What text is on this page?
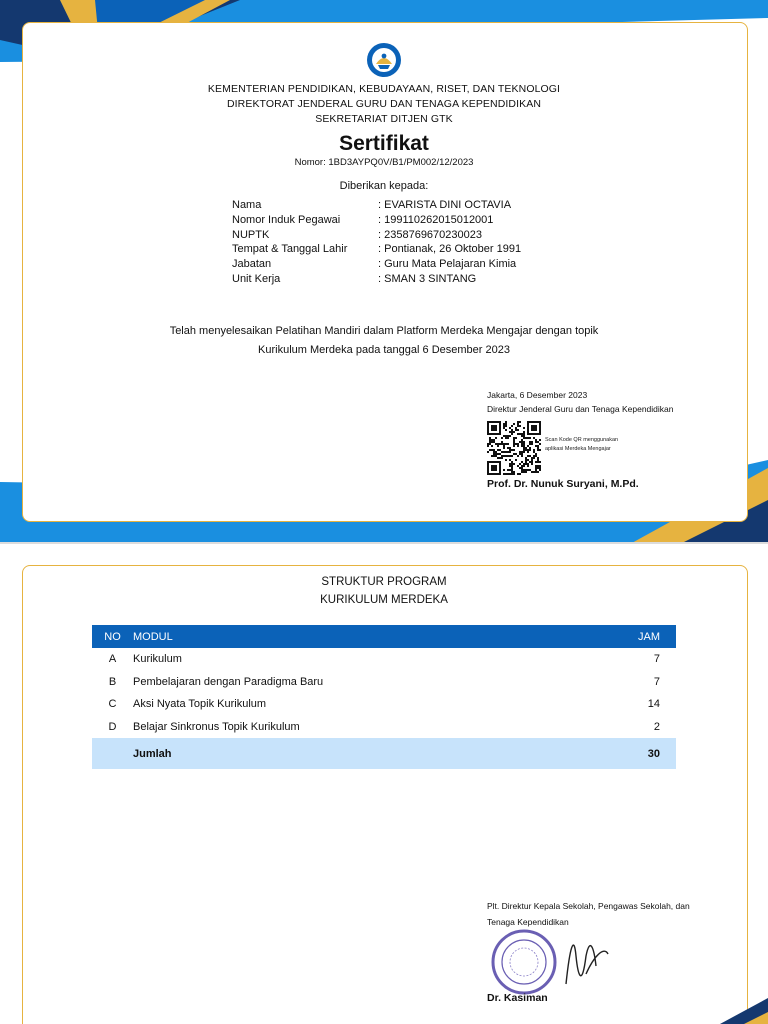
KEMENTERIAN PENDIDIKAN, KEBUDAYAAN, RISET, DAN TEKNOLOGI
DIREKTORAT JENDERAL GURU DAN TENAGA KEPENDIDIKAN
SEKRETARIAT DITJEN GTK
Sertifikat
Nomor: 1BD3AYPQ0V/B1/PM002/12/2023
Diberikan kepada:
Nama	: EVARISTA DINI OCTAVIA
Nomor Induk Pegawai	: 199110262015012001
NUPTK	: 2358769670230023
Tempat & Tanggal Lahir	: Pontianak, 26 Oktober 1991
Jabatan	: Guru Mata Pelajaran Kimia
Unit Kerja	: SMAN 3 SINTANG
Telah menyelesaikan Pelatihan Mandiri dalam Platform Merdeka Mengajar dengan topik
Kurikulum Merdeka pada tanggal 6 Desember 2023
Jakarta, 6 Desember 2023
Direktur Jenderal Guru dan Tenaga Kependidikan
Scan Kode QR menggunakan
aplikasi Merdeka Mengajar
Prof. Dr. Nunuk Suryani, M.Pd.
STRUKTUR PROGRAM
KURIKULUM MERDEKA
NO	MODUL	JAM
A	Kurikulum	7
B	Pembelajaran dengan Paradigma Baru	7
C	Aksi Nyata Topik Kurikulum	14
D	Belajar Sinkronus Topik Kurikulum	2
	Jumlah	30
Plt. Direktur Kepala Sekolah, Pengawas Sekolah, dan
Tenaga Kependidikan
Dr. Kasiman
